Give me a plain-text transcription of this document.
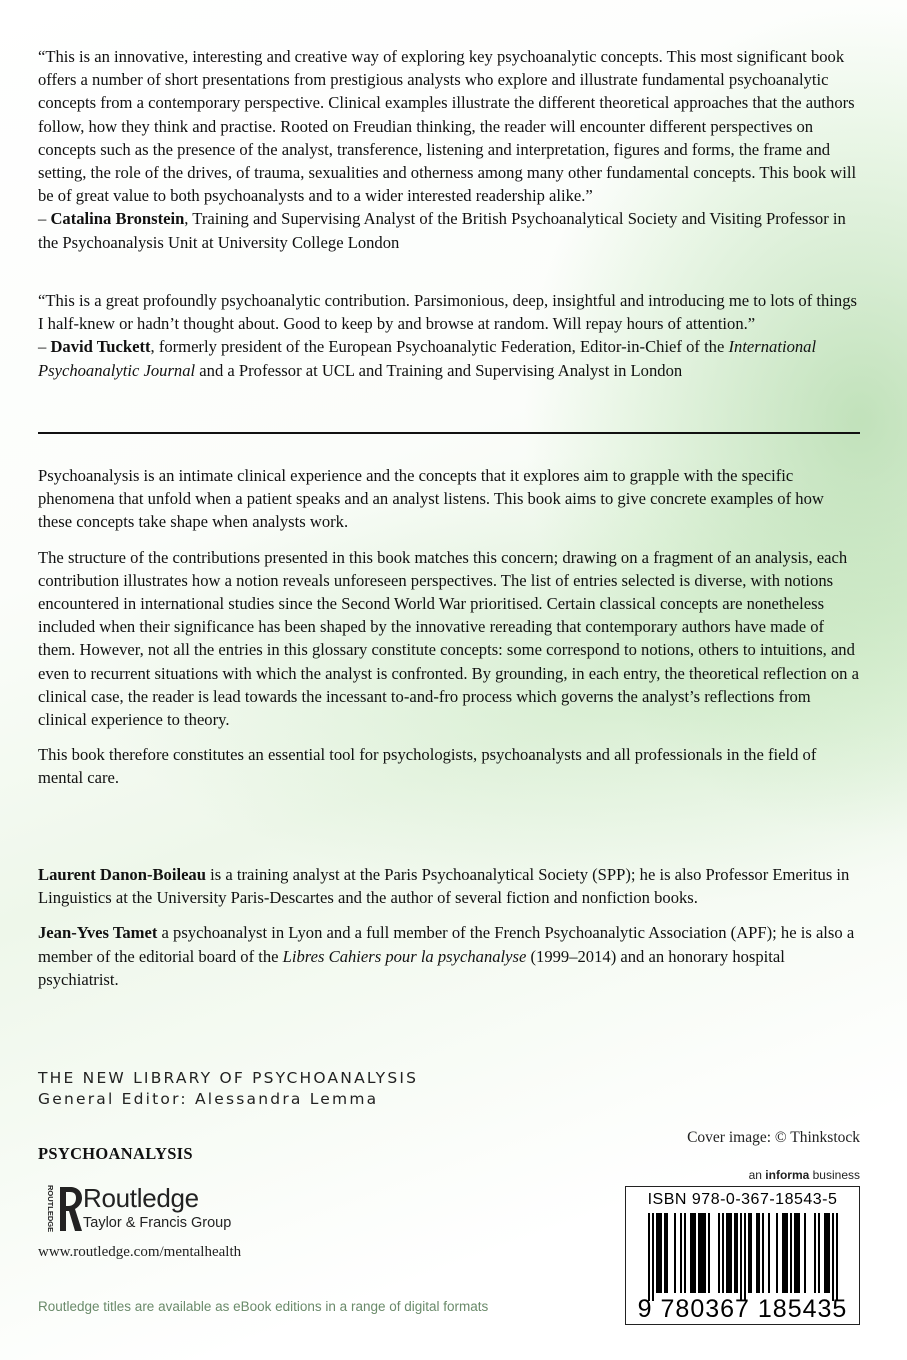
“This is an innovative, interesting and creative way of exploring key psychoanalytic concepts. This most significant book offers a number of short presentations from prestigious analysts who explore and illustrate fundamental psychoanalytic concepts from a contemporary perspective. Clinical examples illustrate the different theoretical approaches that the authors follow, how they think and practise. Rooted on Freudian thinking, the reader will encounter different perspectives on concepts such as the presence of the analyst, transference, listening and interpretation, figures and forms, the frame and setting, the role of the drives, of trauma, sexualities and otherness among many other fundamental concepts. This book will be of great value to both psychoanalysts and to a wider interested readership alike.”

– Catalina Bronstein, Training and Supervising Analyst of the British Psychoanalytical Society and Visiting Professor in the Psychoanalysis Unit at University College London

“This is a great profoundly psychoanalytic contribution. Parsimonious, deep, insightful and introducing me to lots of things I half-knew or hadn’t thought about. Good to keep by and browse at random. Will repay hours of attention.”

– David Tuckett, formerly president of the European Psychoanalytic Federation, Editor-in-Chief of the International Psychoanalytic Journal and a Professor at UCL and Training and Supervising Analyst in London

Psychoanalysis is an intimate clinical experience and the concepts that it explores aim to grapple with the specific phenomena that unfold when a patient speaks and an analyst listens. This book aims to give concrete examples of how these concepts take shape when analysts work.

The structure of the contributions presented in this book matches this concern; drawing on a fragment of an analysis, each contribution illustrates how a notion reveals unforeseen perspectives. The list of entries selected is diverse, with notions encountered in international studies since the Second World War prioritised. Certain classical concepts are nonetheless included when their significance has been shaped by the innovative rereading that contemporary authors have made of them. However, not all the entries in this glossary constitute concepts: some correspond to notions, others to intuitions, and even to recurrent situations with which the analyst is confronted. By grounding, in each entry, the theoretical reflection on a clinical case, the reader is lead towards the incessant to-and-fro process which governs the analyst’s reflections from clinical experience to theory.

This book therefore constitutes an essential tool for psychologists, psychoanalysts and all professionals in the field of mental care.

Laurent Danon-Boileau is a training analyst at the Paris Psychoanalytical Society (SPP); he is also Professor Emeritus in Linguistics at the University Paris-Descartes and the author of several fiction and nonfiction books.

Jean-Yves Tamet a psychoanalyst in Lyon and a full member of the French Psychoanalytic Association (APF); he is also a member of the editorial board of the Libres Cahiers pour la psychanalyse (1999–2014) and an honorary hospital psychiatrist.

THE NEW LIBRARY OF PSYCHOANALYSIS
General Editor: Alessandra Lemma
Cover image: © Thinkstock
PSYCHOANALYSIS
ROUTLEDGE Routledge
Taylor & Francis Group
www.routledge.com/mentalhealth
Routledge titles are available as eBook editions in a range of digital formats
an informa business
ISBN 978-0-367-18543-5
9 780367 185435
